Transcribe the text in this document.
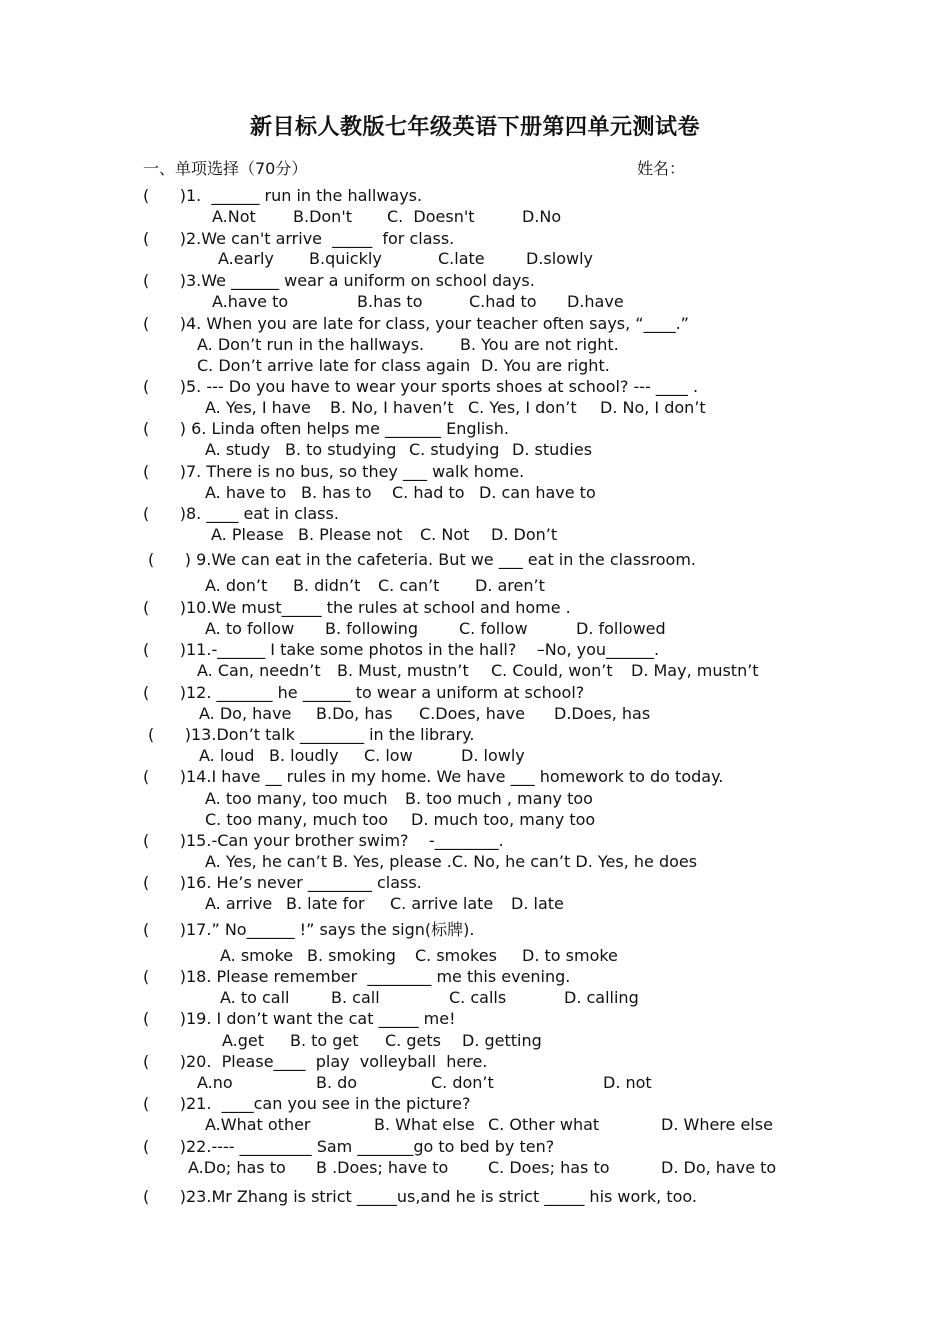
新目标人教版七年级英语下册第四单元测试卷
一、单项选择（70分）	姓名：
(      )1.  ______ run in the hallways.
A.Not B.Don't C.  Doesn't	D.No
(      )2.We can't arrive  _____  for class.
A.early B.quickly	C.late	D.slowly
(      )3.We ______ wear a uniform on school days.
A.have to	B.has to	C.had to D.have
(      )4. When you are late for class, your teacher often says, “____.”
A. Don’t run in the hallways. B. You are not right.
C. Don’t arrive late for class again D. You are right.
(      )5. --- Do you have to wear your sports shoes at school? --- ____ .
A. Yes, I have B. No, I haven’t C. Yes, I don’t D. No, I don’t
(      ) 6. Linda often helps me _______ English.
A. study B. to studying C. studying D. studies
(      )7. There is no bus, so they ___ walk home.
A. have to B. has to C. had to D. can have to
(      )8. ____ eat in class.
A. Please B. Please not C. Not D. Don’t
(      ) 9.We can eat in the cafeteria. But we ___ eat in the classroom.
A. don’t B. didn’t C. can’t D. aren’t
(      )10.We must_____ the rules at school and home .
A. to follow B. following	C. follow	D. followed
(      )11.-______ I take some photos in the hall?    –No, you______.
A. Can, needn’t B. Must, mustn’t C. Could, won’t D. May, mustn’t
(      )12. _______ he ______ to wear a uniform at school?
A. Do, have B.Do, has C.Does, have D.Does, has
(      )13.Don’t talk ________ in the library.
A. loud B. loudly C. low	D. lowly
(      )14.I have __ rules in my home. We have ___ homework to do today.
A. too many, too much B. too much , many too
C. too many, much too D. much too, many too
(      )15.-Can your brother swim?    -________.
A. Yes, he can’t B. Yes, please .C. No, he can’t D. Yes, he does
(      )16. He’s never ________ class.
A. arrive B. late for C. arrive late D. late
(      )17.” No______ !” says the sign(标牌).
A. smoke B. smoking C. smokes D. to smoke
(      )18. Please remember  ________ me this evening.
A. to call	B. call	C. calls	D. calling
(      )19. I don’t want the cat _____ me!
A.get B. to get C. gets D. getting
(      )20.  Please____  play  volleyball  here.
A.no	B. do	C. don’t	D. not
(      )21.  ____can you see in the picture?
A.What other	B. What else C. Other what	D. Where else
(      )22.---- _________ Sam _______go to bed by ten?
A.Do; has to B .Does; have to C. Does; has to	D. Do, have to
(      )23.Mr Zhang is strict _____us,and he is strict _____ his work, too.
